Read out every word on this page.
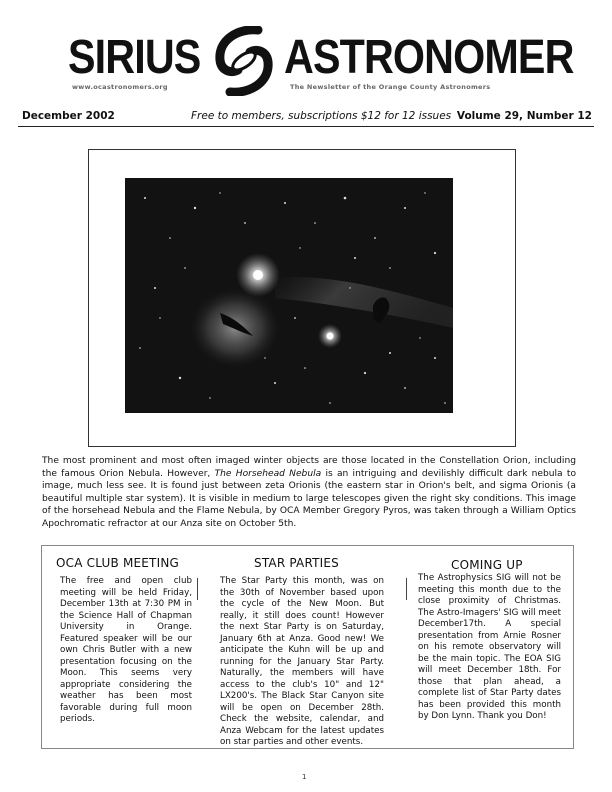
SIRIUS ASTRONOMER
www.ocastronomers.org	The Newsletter of the Orange County Astronomers
December 2002	Free to members, subscriptions $12 for 12 issues Volume 29, Number 12

The most prominent and most often imaged winter objects are those located in the Constellation Orion, including the famous Orion Nebula. However, The Horsehead Nebula is an intriguing and devilishly difficult dark nebula to image, much less see. It is found just between zeta Orionis (the eastern star in Orion's belt, and sigma Orionis (a beautiful multiple star system). It is visible in medium to large telescopes given the right sky conditions. This image of the horsehead Nebula and the Flame Nebula, by OCA Member Gregory Pyros, was taken through a William Optics Apochromatic refractor at our Anza site on October 5th.

OCA CLUB MEETING

The free and open club meeting will be held Friday, December 13th at 7:30 PM in the Science Hall of Chapman University in Orange. Featured speaker will be our own Chris Butler with a new presentation focusing on the Moon. This seems very appropriate considering the weather has been most favorable during full moon periods.

STAR PARTIES

The Star Party this month, was on the 30th of November based upon the cycle of the New Moon. But really, it still does count! However the next Star Party is on Saturday, January 6th at Anza. Good new! We anticipate the Kuhn will be up and running for the January Star Party. Naturally, the members will have access to the club's 10" and 12" LX200's. The Black Star Canyon site will be open on December 28th. Check the website, calendar, and Anza Webcam for the latest updates on star parties and other events.

COMING UP

The Astrophysics SIG will not be meeting this month due to the close proximity of Christmas. The Astro-Imagers' SIG will meet December17th. A special presentation from Arnie Rosner on his remote observatory will be the main topic. The EOA SIG will meet December 18th. For those that plan ahead, a complete list of Star Party dates has been provided this month by Don Lynn. Thank you Don!

1
